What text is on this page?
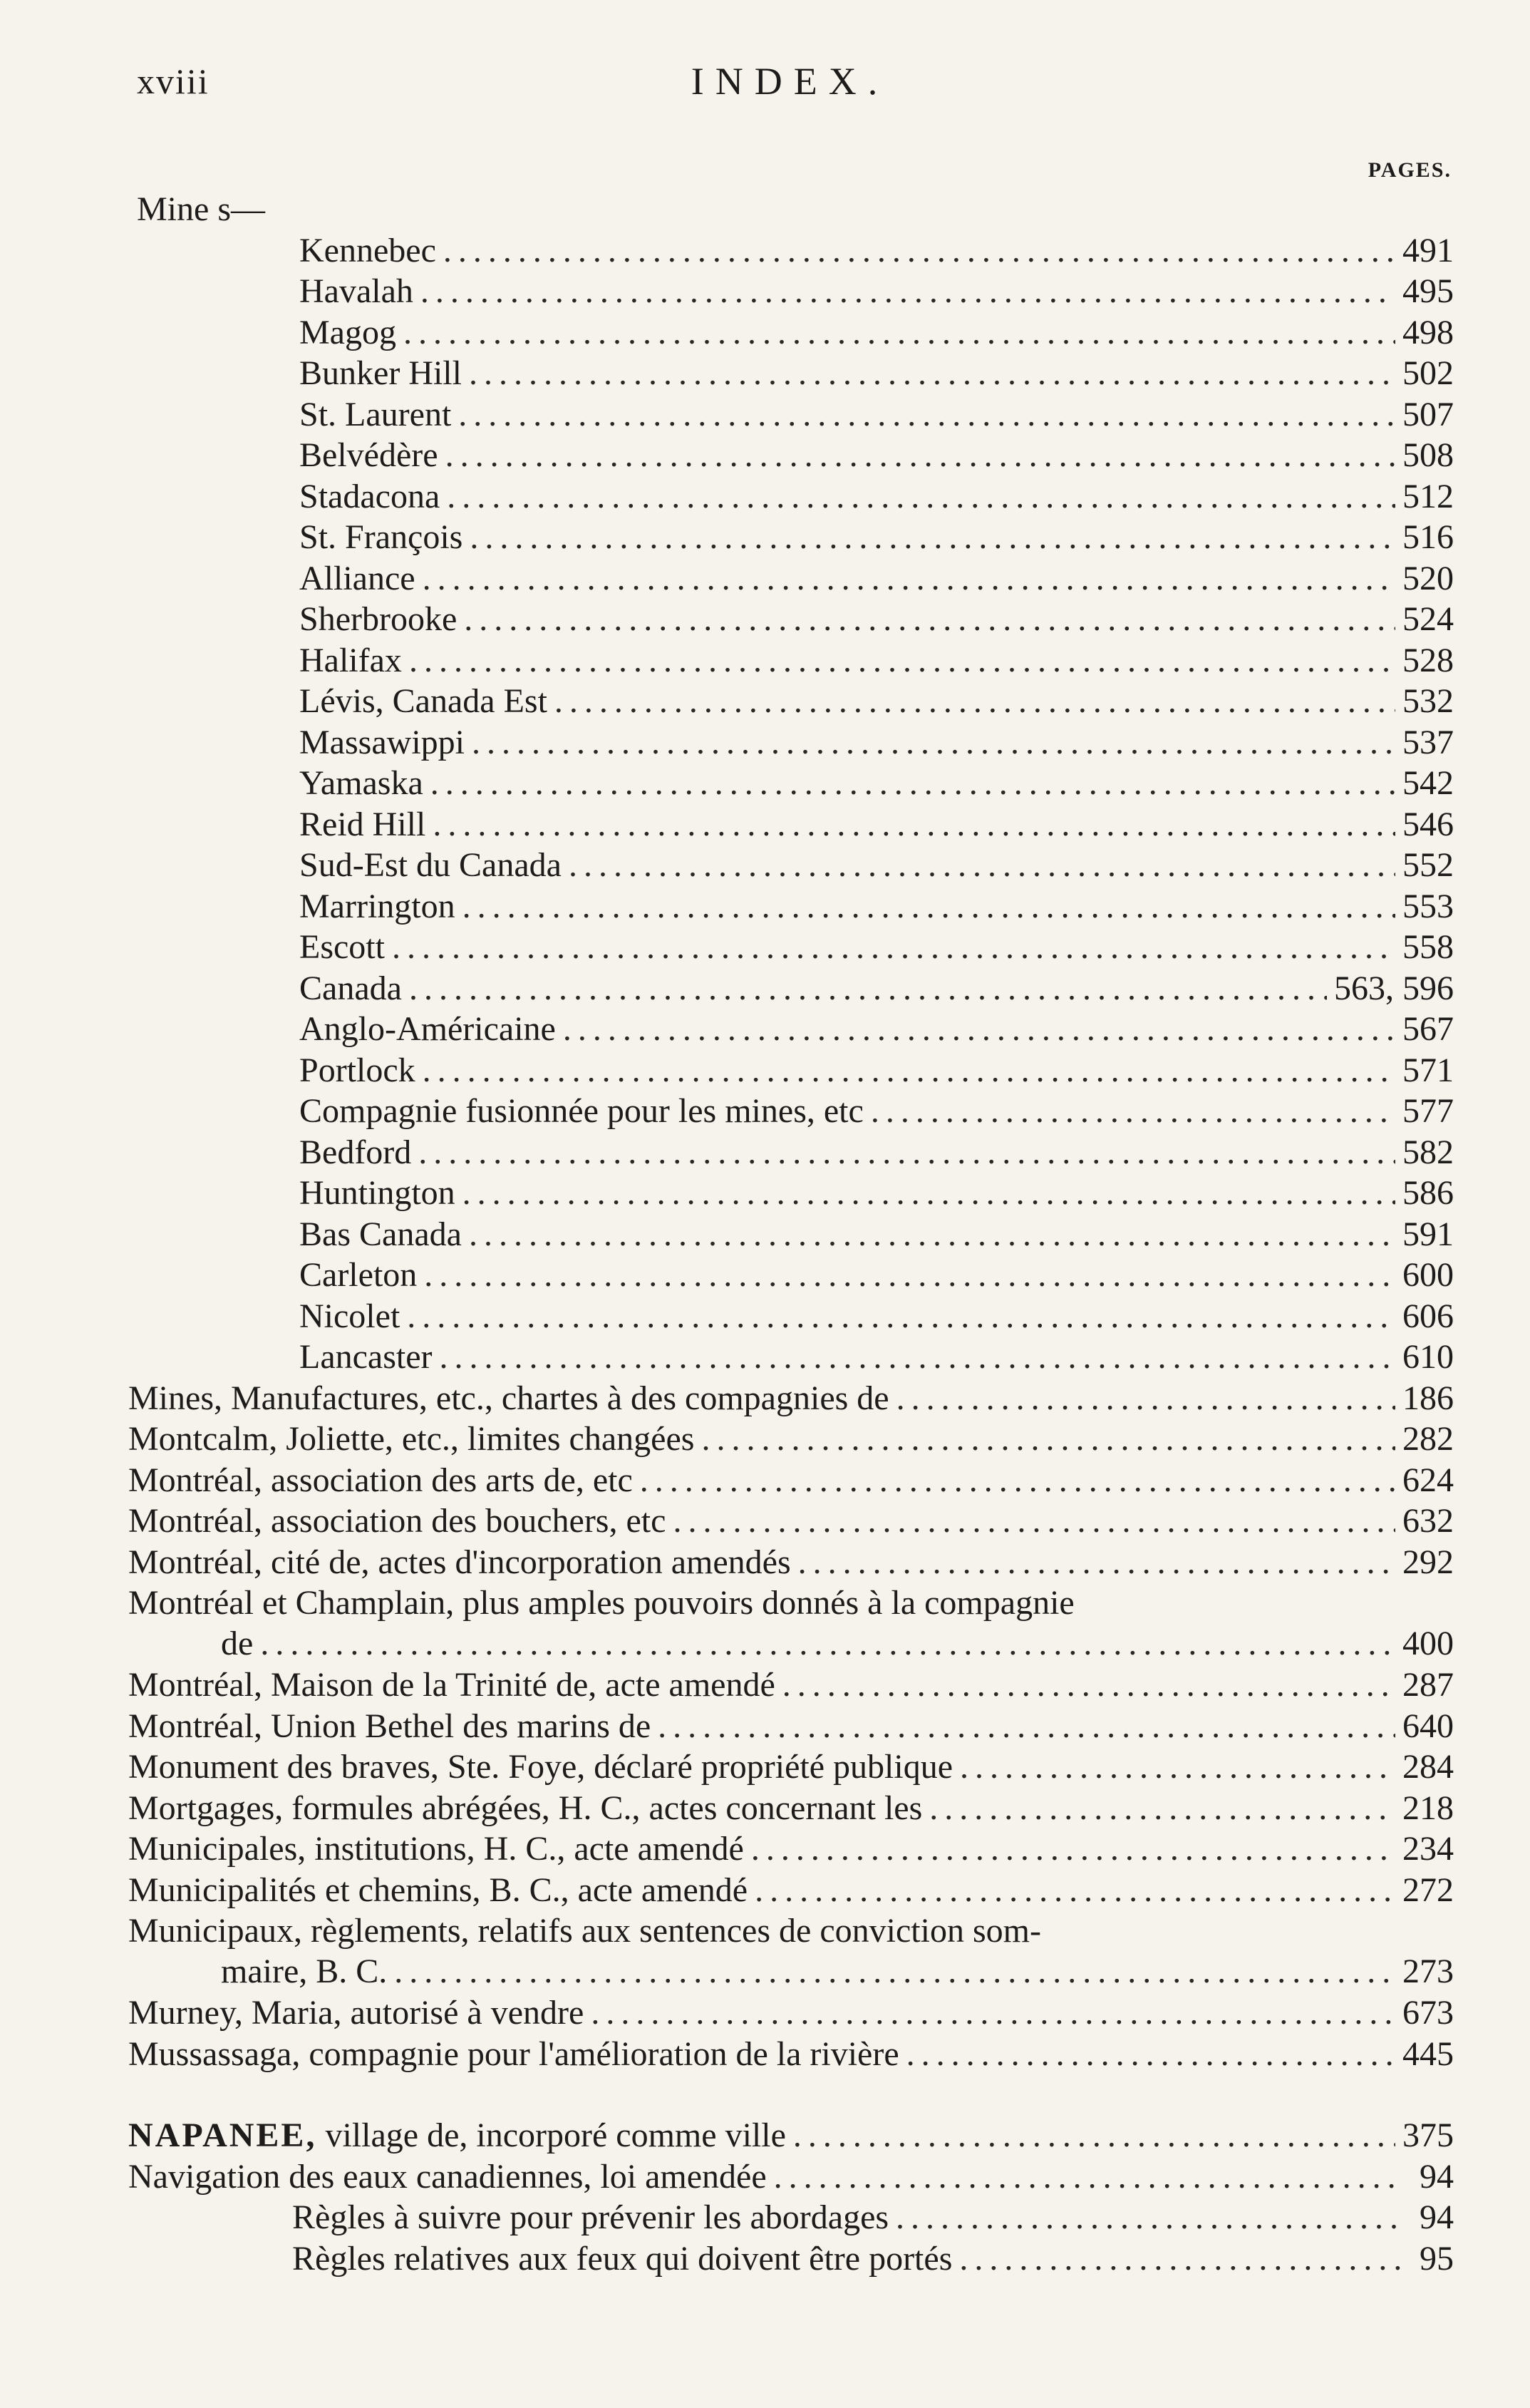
xviii	INDEX.
PAGES.
Mine s—
Kennebec .....	491
Havalah .....	495
Magog .....	498
Bunker Hill .....	502
St. Laurent .....	507
Belvédère .....	508
Stadacona .....	512
St. François .....	516
Alliance .....	520
Sherbrooke .....	524
Halifax .....	528
Lévis, Canada Est .....	532
Massawippi .....	537
Yamaska .....	542
Reid Hill .....	546
Sud-Est du Canada .....	552
Marrington .....	553
Escott .....	558
Canada .....	563, 596
Anglo-Américaine .....	567
Portlock .....	571
Compagnie fusionnée pour les mines, etc .....	577
Bedford .....	582
Huntington .....	586
Bas Canada .....	591
Carleton .....	600
Nicolet .....	606
Lancaster .....	610
Mines, Manufactures, etc., chartes à des compagnies de .....	186
Montcalm, Joliette, etc., limites changées .....	282
Montréal, association des arts de, etc .....	624
Montréal, association des bouchers, etc .....	632
Montréal, cité de, actes d'incorporation amendés .....	292
Montréal et Champlain, plus amples pouvoirs donnés à la compagnie
de .....	400
Montréal, Maison de la Trinité de, acte amendé .....	287
Montréal, Union Bethel des marins de .....	640
Monument des braves, Ste. Foye, déclaré propriété publique .....	284
Mortgages, formules abrégées, H. C., actes concernant les .....	218
Municipales, institutions, H. C., acte amendé .....	234
Municipalités et chemins, B. C., acte amendé .....	272
Municipaux, règlements, relatifs aux sentences de conviction som-
maire, B. C. .....	273
Murney, Maria, autorisé à vendre .....	673
Mussassaga, compagnie pour l'amélioration de la rivière .....	445
NAPANEE, village de, incorporé comme ville .....	375
Navigation des eaux canadiennes, loi amendée .....	94
Règles à suivre pour prévenir les abordages .....	94
Règles relatives aux feux qui doivent être portés .....	95
